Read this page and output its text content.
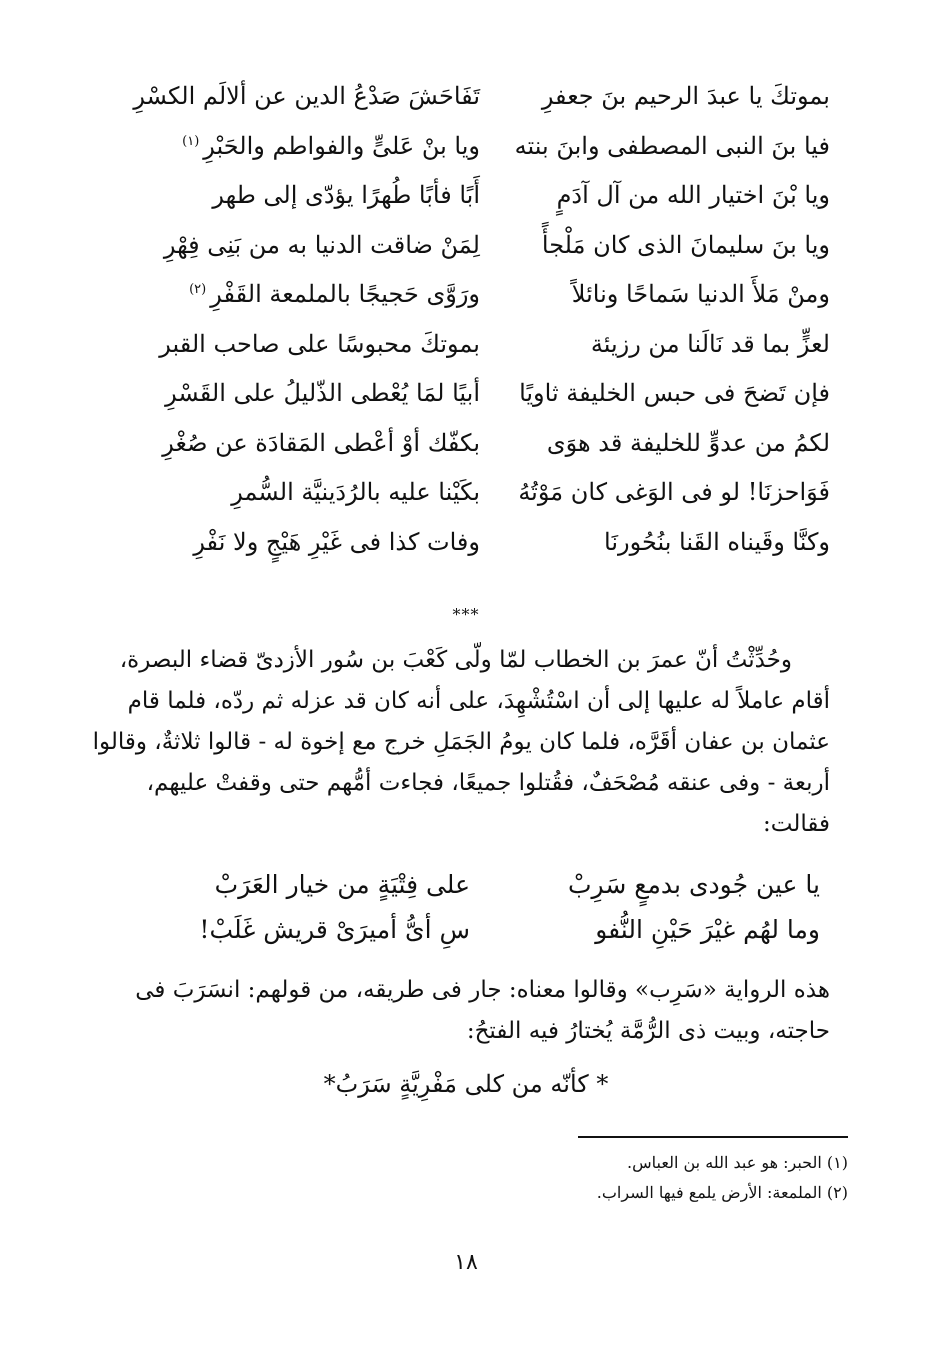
بموتكَ يا عبدَ الرحيم بنَ جعفرِ
تَفَاحَشَ صَدْعُ الدين عن ألالَم الكسْرِ
فيا بنَ النبى المصطفى وابنَ بنته
ويا بنْ عَلىٍّ والفواطم والحَبْرِ$^{(١)}$
ويا بْنَ اختيار الله من آل آدَمٍ
أَبًا فأبًا طُهرًا يؤدّى إلى طهر
ويا بنَ سليمانَ الذى كان مَلْجأً
لِمَنْ ضاقت الدنيا به من بَنِى فِهْرِ
ومنْ مَلأَ الدنيا سَماحًا ونائلاً
ورَوَّى حَجيجًا بالملمعة القَفْرِ$^{(٢)}$
لعزٍّ بما قد نَالَنا من رزيئة
بموتكَ محبوسًا على صاحب القبر
فإن تَضحَ فى حبس الخليفة ثاويًا
أبيًا لمَا يُعْطى الذّليلُ على القَسْرِ
لكمُ من عدوٍّ للخليفة قد هوَى
بكفّك أوْ أعْطى المَقادَة عن صُغْرِ
فَوَاحزنَا! لو فى الوَغى كان مَوْتُهُ
بكَيْنا عليه بالرُدَينيَّة السُّمرِ
وكنَّا وقَيناه القَنا بنُحُورنَا
وفات كذا فى غَيْرِ هَيْجٍ ولا نَفْرِ
***
وحُدِّثْتُ أنّ عمرَ بن الخطاب لمّا ولّى كَعْبَ بن سُور الأزدىّ قضاء البصرة،
أقام عاملاً له عليها إلى أن اسْتُشْهِدَ، على أنه كان قد عزله ثم ردّه، فلما قام
عثمان بن عفان أقَرَّه، فلما كان يومُ الجَمَلِ خرج مع إخوة له - قالوا ثلاثةٌ، وقالوا
أربعة - وفى عنقه مُصْحَفٌ، فقُتلوا جميعًا، فجاءت أمُّهم حتى وقفتْ عليهم،
فقالت:
يا عين جُودى بدمعٍ سَرِبْ
على فِتْيَةٍ من خيار العَرَبْ
وما لهُم غيْرَ حَيْنِ النُّفو
سِ أىُّ أميرَىْ قريش غَلَبْ!
هذه الرواية «سَرِب» وقالوا معناه: جار فى طريقه، من قولهم: انسَرَبَ فى
حاجته، وبيت ذى الرُّمَّة يُختارُ فيه الفتحُ:
* كأنّه من كلى مَفْرِيَّةٍ سَرَبُ*
(١) الحبر: هو عبد الله بن العباس.
(٢) الملمعة: الأرض يلمع فيها السراب.
١٨
